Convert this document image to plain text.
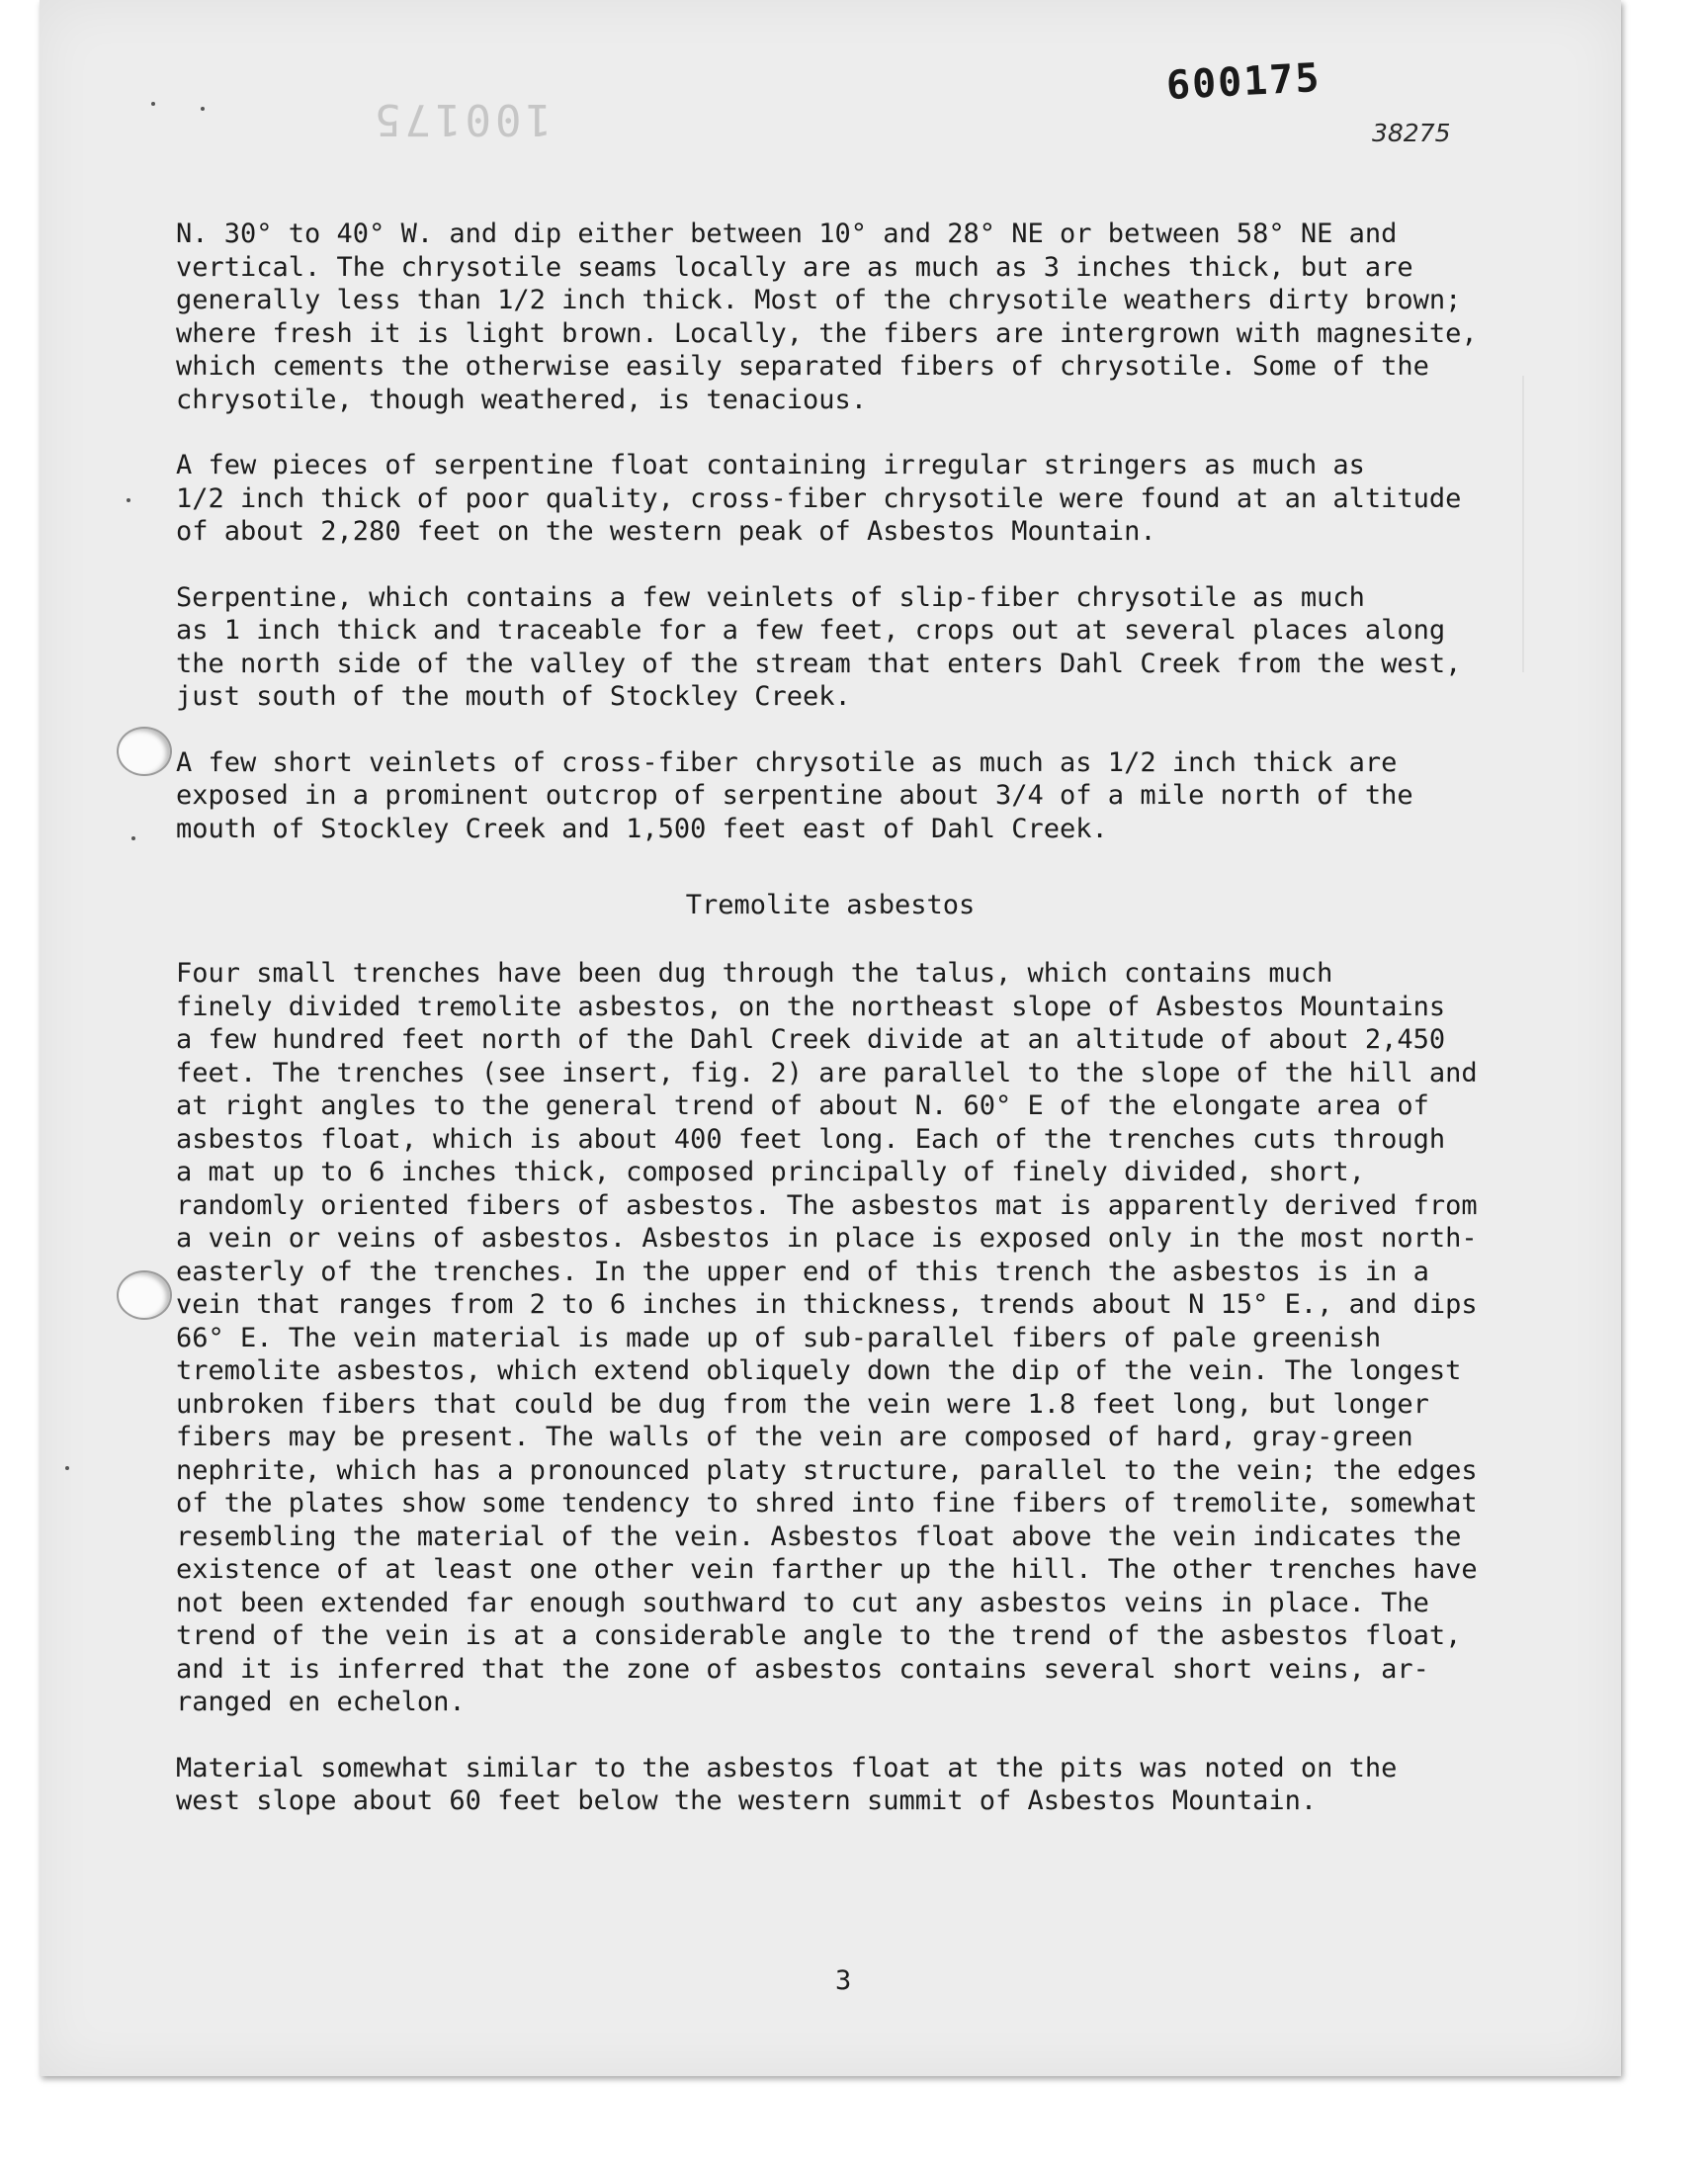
100175
600175
38275

N. 30° to 40° W. and dip either between 10° and 28° NE or between 58° NE and
vertical. The chrysotile seams locally are as much as 3 inches thick, but are
generally less than 1/2 inch thick. Most of the chrysotile weathers dirty brown;
where fresh it is light brown. Locally, the fibers are intergrown with magnesite,
which cements the otherwise easily separated fibers of chrysotile. Some of the
chrysotile, though weathered, is tenacious.

A few pieces of serpentine float containing irregular stringers as much as
1/2 inch thick of poor quality, cross-fiber chrysotile were found at an altitude
of about 2,280 feet on the western peak of Asbestos Mountain.

Serpentine, which contains a few veinlets of slip-fiber chrysotile as much
as 1 inch thick and traceable for a few feet, crops out at several places along
the north side of the valley of the stream that enters Dahl Creek from the west,
just south of the mouth of Stockley Creek.

A few short veinlets of cross-fiber chrysotile as much as 1/2 inch thick are
exposed in a prominent outcrop of serpentine about 3/4 of a mile north of the
mouth of Stockley Creek and 1,500 feet east of Dahl Creek.

Tremolite asbestos

Four small trenches have been dug through the talus, which contains much
finely divided tremolite asbestos, on the northeast slope of Asbestos Mountains
a few hundred feet north of the Dahl Creek divide at an altitude of about 2,450
feet. The trenches (see insert, fig. 2) are parallel to the slope of the hill and
at right angles to the general trend of about N. 60° E of the elongate area of
asbestos float, which is about 400 feet long. Each of the trenches cuts through
a mat up to 6 inches thick, composed principally of finely divided, short,
randomly oriented fibers of asbestos. The asbestos mat is apparently derived from
a vein or veins of asbestos. Asbestos in place is exposed only in the most north-
easterly of the trenches. In the upper end of this trench the asbestos is in a
vein that ranges from 2 to 6 inches in thickness, trends about N 15° E., and dips
66° E. The vein material is made up of sub-parallel fibers of pale greenish
tremolite asbestos, which extend obliquely down the dip of the vein. The longest
unbroken fibers that could be dug from the vein were 1.8 feet long, but longer
fibers may be present. The walls of the vein are composed of hard, gray-green
nephrite, which has a pronounced platy structure, parallel to the vein; the edges
of the plates show some tendency to shred into fine fibers of tremolite, somewhat
resembling the material of the vein. Asbestos float above the vein indicates the
existence of at least one other vein farther up the hill. The other trenches have
not been extended far enough southward to cut any asbestos veins in place. The
trend of the vein is at a considerable angle to the trend of the asbestos float,
and it is inferred that the zone of asbestos contains several short veins, ar-
ranged en echelon.

Material somewhat similar to the asbestos float at the pits was noted on the
west slope about 60 feet below the western summit of Asbestos Mountain.

3
